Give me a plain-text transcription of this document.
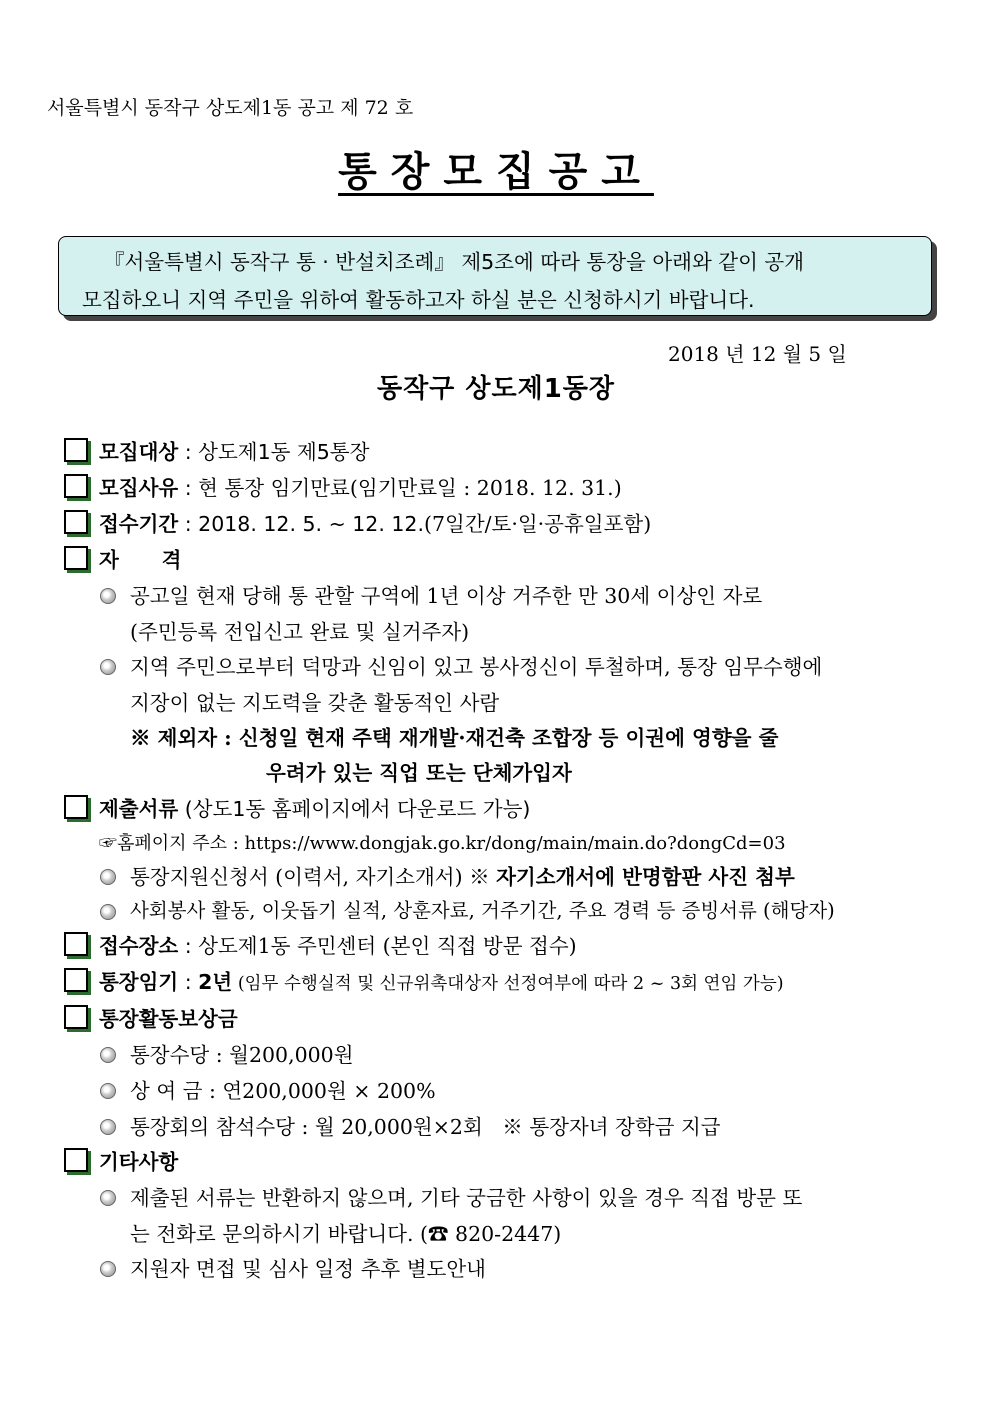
서울특별시 동작구 상도제1동 공고 제 72 호
통장모집공고
『서울특별시 동작구 통 · 반설치조례』 제5조에 따라 통장을 아래와 같이 공개
모집하오니 지역 주민을 위하여 활동하고자 하실 분은 신청하시기 바랍니다.
2018 년 12 월 5 일
동작구 상도제1동장
모집대상 : 상도제1동 제5통장
모집사유 : 현 통장 임기만료(임기만료일 : 2018. 12. 31.)
접수기간 : 2018. 12. 5. ~ 12. 12.(7일간/토·일·공휴일포함)
자      격
공고일 현재 당해 통 관할 구역에 1년 이상 거주한 만 30세 이상인 자로
(주민등록 전입신고 완료 및 실거주자)
지역 주민으로부터 덕망과 신임이 있고 봉사정신이 투철하며, 통장 임무수행에
지장이 없는 지도력을 갖춘 활동적인 사람
※ 제외자 : 신청일 현재 주택 재개발·재건축 조합장 등 이권에 영향을 줄
우려가 있는 직업 또는 단체가입자
제출서류 (상도1동 홈페이지에서 다운로드 가능)
☞홈페이지 주소 : https://www.dongjak.go.kr/dong/main/main.do?dongCd=03
통장지원신청서 (이력서, 자기소개서) ※ 자기소개서에 반명함판 사진 첨부
사회봉사 활동, 이웃돕기 실적, 상훈자료, 거주기간, 주요 경력 등 증빙서류 (해당자)
접수장소 : 상도제1동 주민센터 (본인 직접 방문 접수)
통장임기 : 2년 (임무 수행실적 및 신규위촉대상자 선정여부에 따라 2 ~ 3회 연임 가능)
통장활동보상금
통장수당 : 월200,000원
상 여 금 : 연200,000원 × 200%
통장회의 참석수당 : 월 20,000원×2회   ※ 통장자녀 장학금 지급
기타사항
제출된 서류는 반환하지 않으며, 기타 궁금한 사항이 있을 경우 직접 방문 또
는 전화로 문의하시기 바랍니다. (☎ 820-2447)
지원자 면접 및 심사 일정 추후 별도안내
